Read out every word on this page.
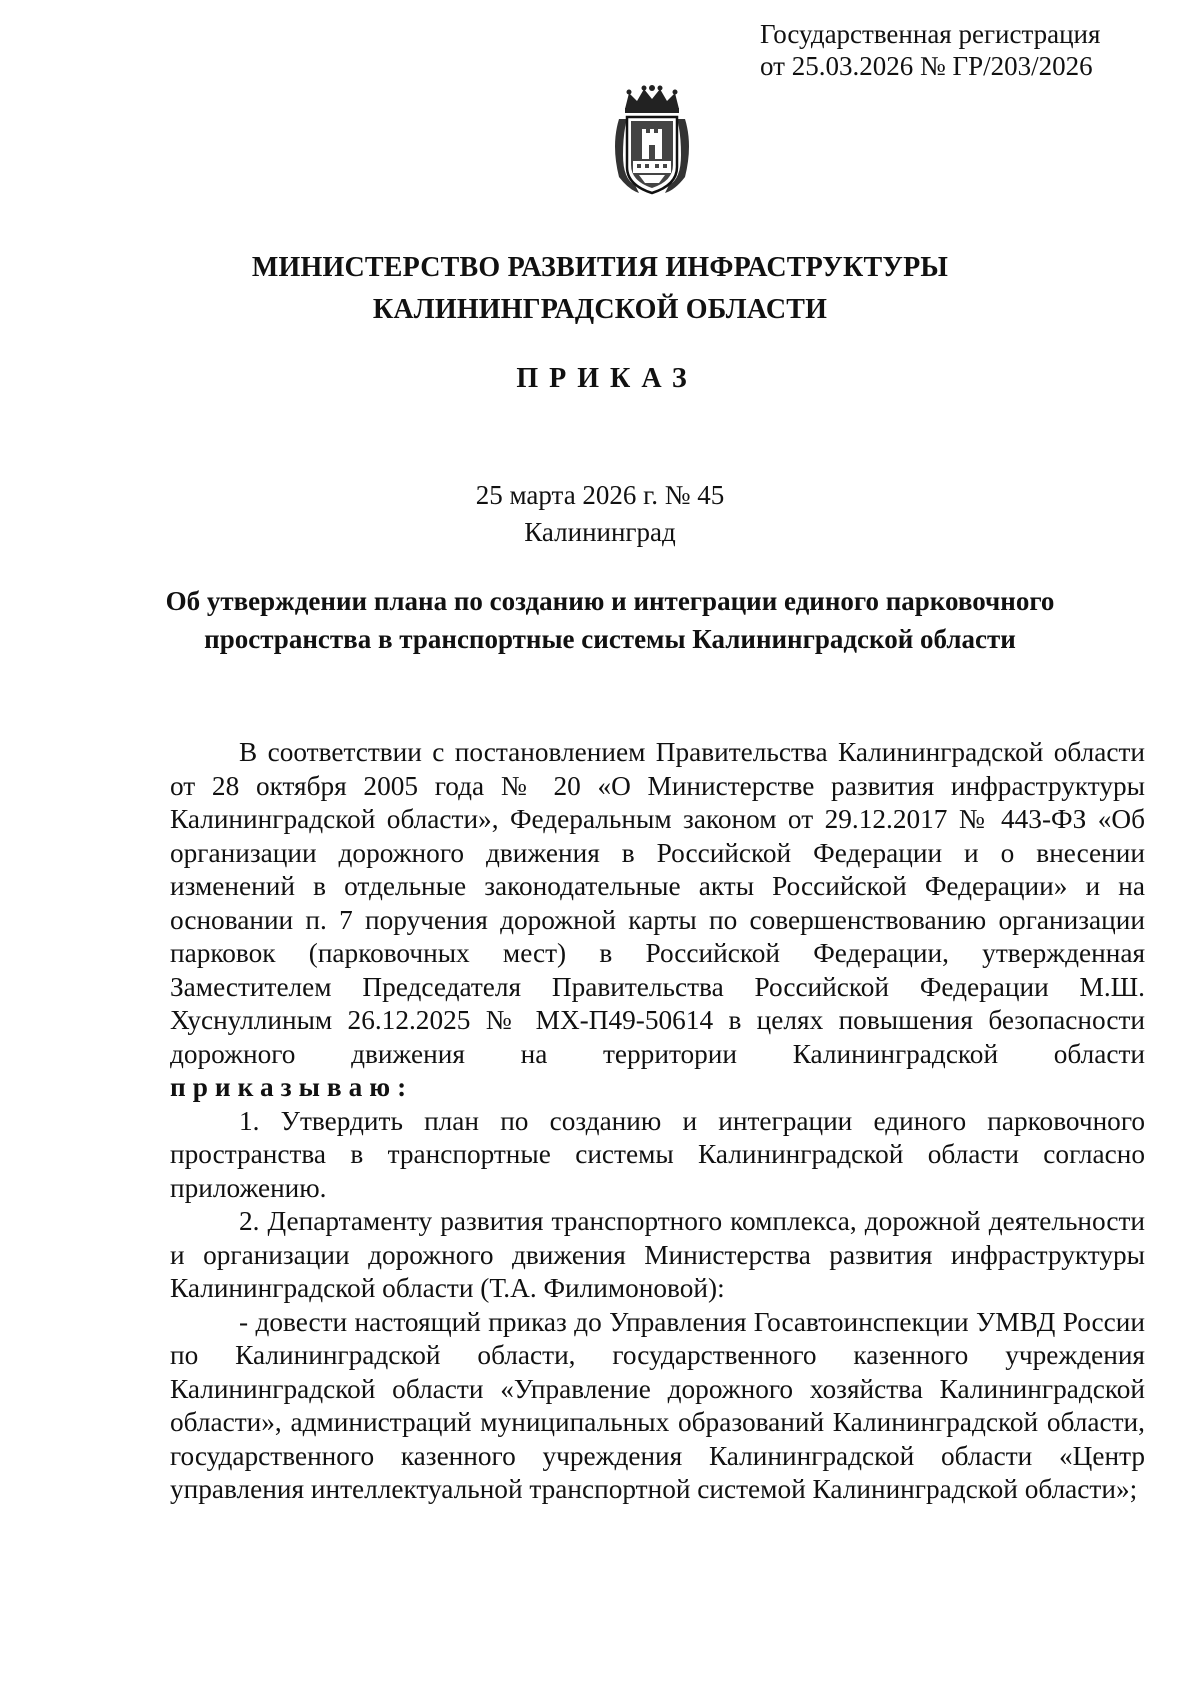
Государственная регистрация
от 25.03.2026 № ГР/203/2026
МИНИСТЕРСТВО РАЗВИТИЯ ИНФРАСТРУКТУРЫ
КАЛИНИНГРАДСКОЙ ОБЛАСТИ
ПРИКАЗ
25 марта 2026 г. № 45
Калининград
Об утверждении плана по созданию и интеграции единого парковочного
пространства в транспортные системы Калининградской области

В соответствии с постановлением Правительства Калининградской области от 28 октября 2005 года № 20 «О Министерстве развития инфраструктуры Калининградской области», Федеральным законом от 29.12.2017 № 443-ФЗ «Об организации дорожного движения в Российской Федерации и о внесении изменений в отдельные законодательные акты Российской Федерации» и на основании п. 7 поручения дорожной карты по совершенствованию организации парковок (парковочных мест) в Российской Федерации, утвержденная Заместителем Председателя Правительства Российской Федерации М.Ш. Хуснуллиным 26.12.2025 № МХ-П49-50614 в целях повышения безопасности дорожного движения на территории Калининградской области приказываю:

1. Утвердить план по созданию и интеграции единого парковочного пространства в транспортные системы Калининградской области согласно приложению.

2. Департаменту развития транспортного комплекса, дорожной деятельности и организации дорожного движения Министерства развития инфраструктуры Калининградской области (Т.А. Филимоновой):

- довести настоящий приказ до Управления Госавтоинспекции УМВД России по Калининградской области, государственного казенного учреждения Калининградской области «Управление дорожного хозяйства Калининградской области», администраций муниципальных образований Калининградской области, государственного казенного учреждения Калининградской области «Центр управления интеллектуальной транспортной системой Калининградской области»;
